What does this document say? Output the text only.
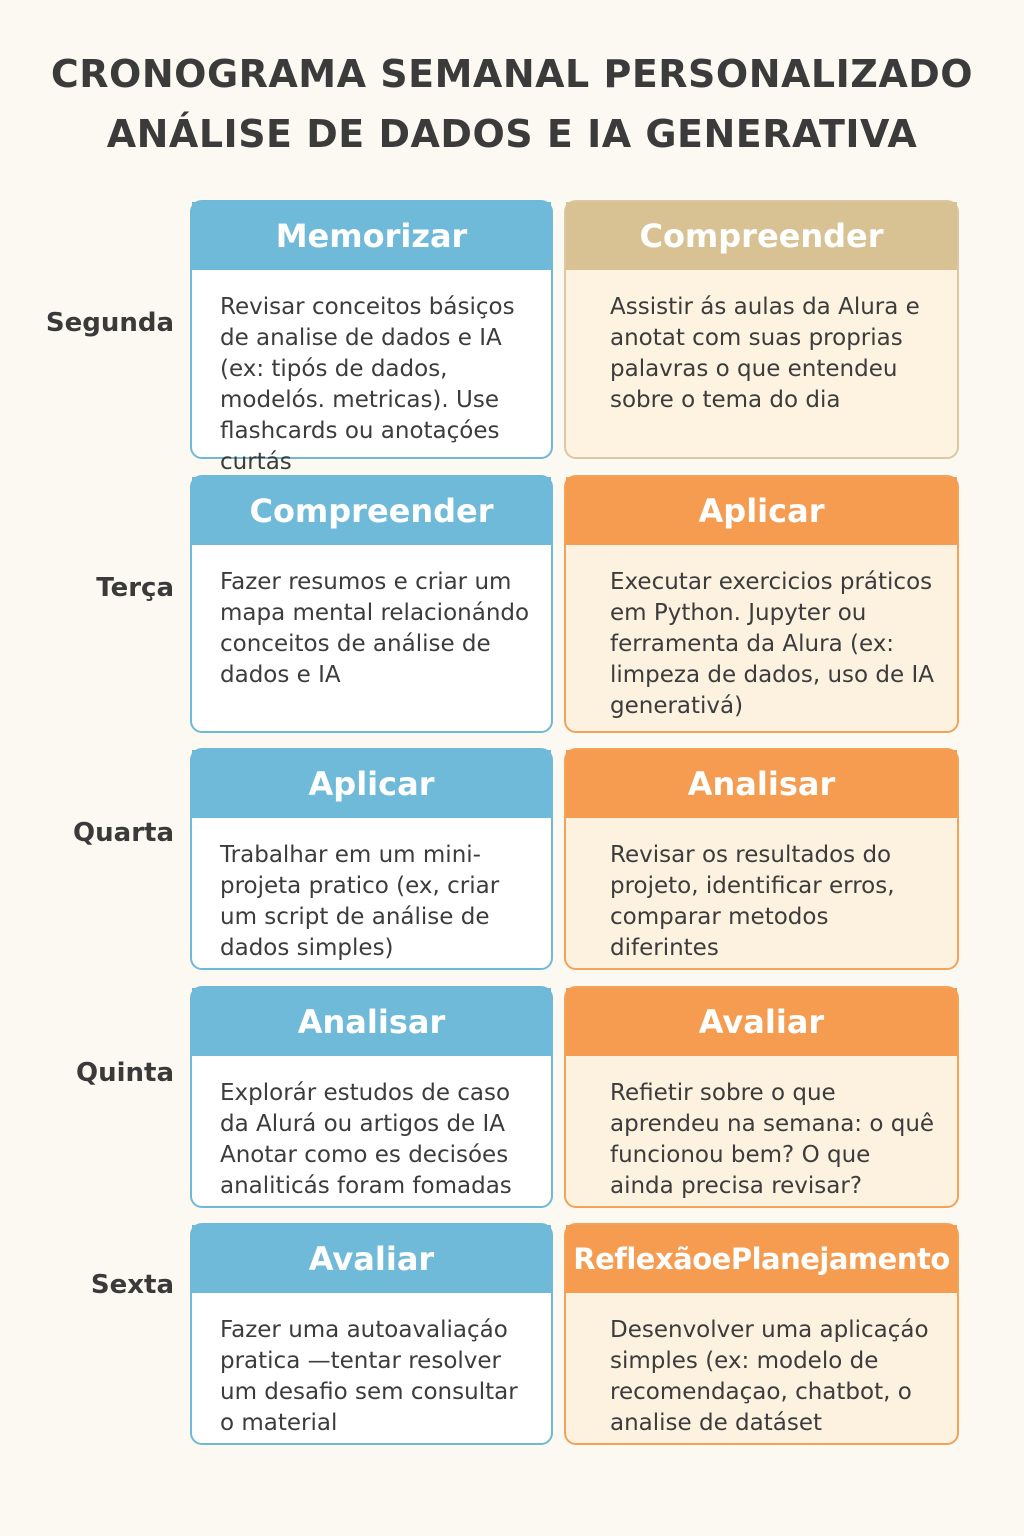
CRONOGRAMA SEMANAL PERSONALIZADO
ANÁLISE DE DADOS E IA GENERATIVA
Segunda
Memorizar
Revisar conceitos básiços de analise de dados e IA (ex: tipós de dados, modelós. metricas). Use flashcards ou anotaçóes curtás
Compreender
Assistir ás aulas da Alura e anotat com suas proprias palavras o que entendeu sobre o tema do dia
Terça
Compreender
Fazer resumos e criar um mapa mental relacionándo conceitos de análise de dados e IA
Aplicar
Executar exercicios práticos em Python. Jupyter ou ferramenta da Alura (ex: limpeza de dados, uso de IA generativá)
Quarta
Aplicar
Trabalhar em um mini-projeta pratico (ex, criar um script de análise de dados simples)
Analisar
Revisar os resultados do projeto, identificar erros, comparar metodos diferintes
Quinta
Analisar
Explorár estudos de caso da Alurá ou artigos de IA Anotar como es decisóes analiticás foram fomadas
Avaliar
Refietir sobre o que aprendeu na semana: o quê funcionou bem? O que ainda precisa revisar?
Sexta
Avaliar
Fazer uma autoavaliaçáo pratica —tentar resolver um desafio sem consultar o material
ReflexãoePlanejamento
Desenvolver uma aplicaçáo simples (ex: modelo de recomendaçao, chatbot, o analise de datáset
